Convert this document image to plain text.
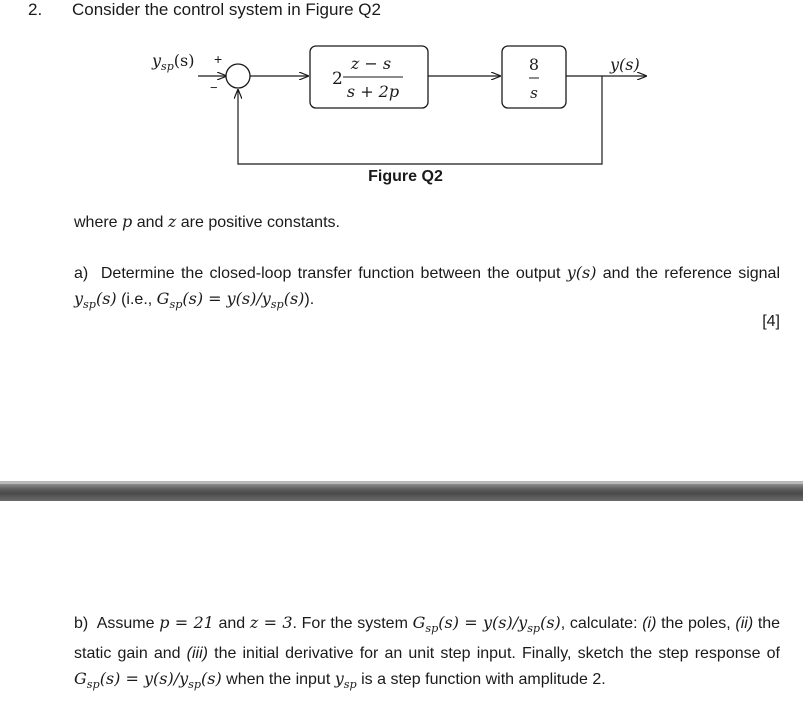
2. Consider the control system in Figure Q2
$y_{sp}(s)$ +
−	2
z − s
s + 2p
8
s
y(s)
Figure Q2
where p and z are positive constants.
a) Determine the closed-loop transfer function between the output y(s) and the reference signal $y_{sp}(s)$ (i.e., $G_{sp}(s) = y(s)/y_{sp}(s)$).
[4]
b) Assume p = 21 and z = 3. For the system $G_{sp}(s) = y(s)/y_{sp}(s)$, calculate: (i) the poles, (ii) the static gain and (iii) the initial derivative for an unit step input. Finally, sketch the step response of $G_{sp}(s) = y(s)/y_{sp}(s)$ when the input $y_{sp}$ is a step function with amplitude 2.
